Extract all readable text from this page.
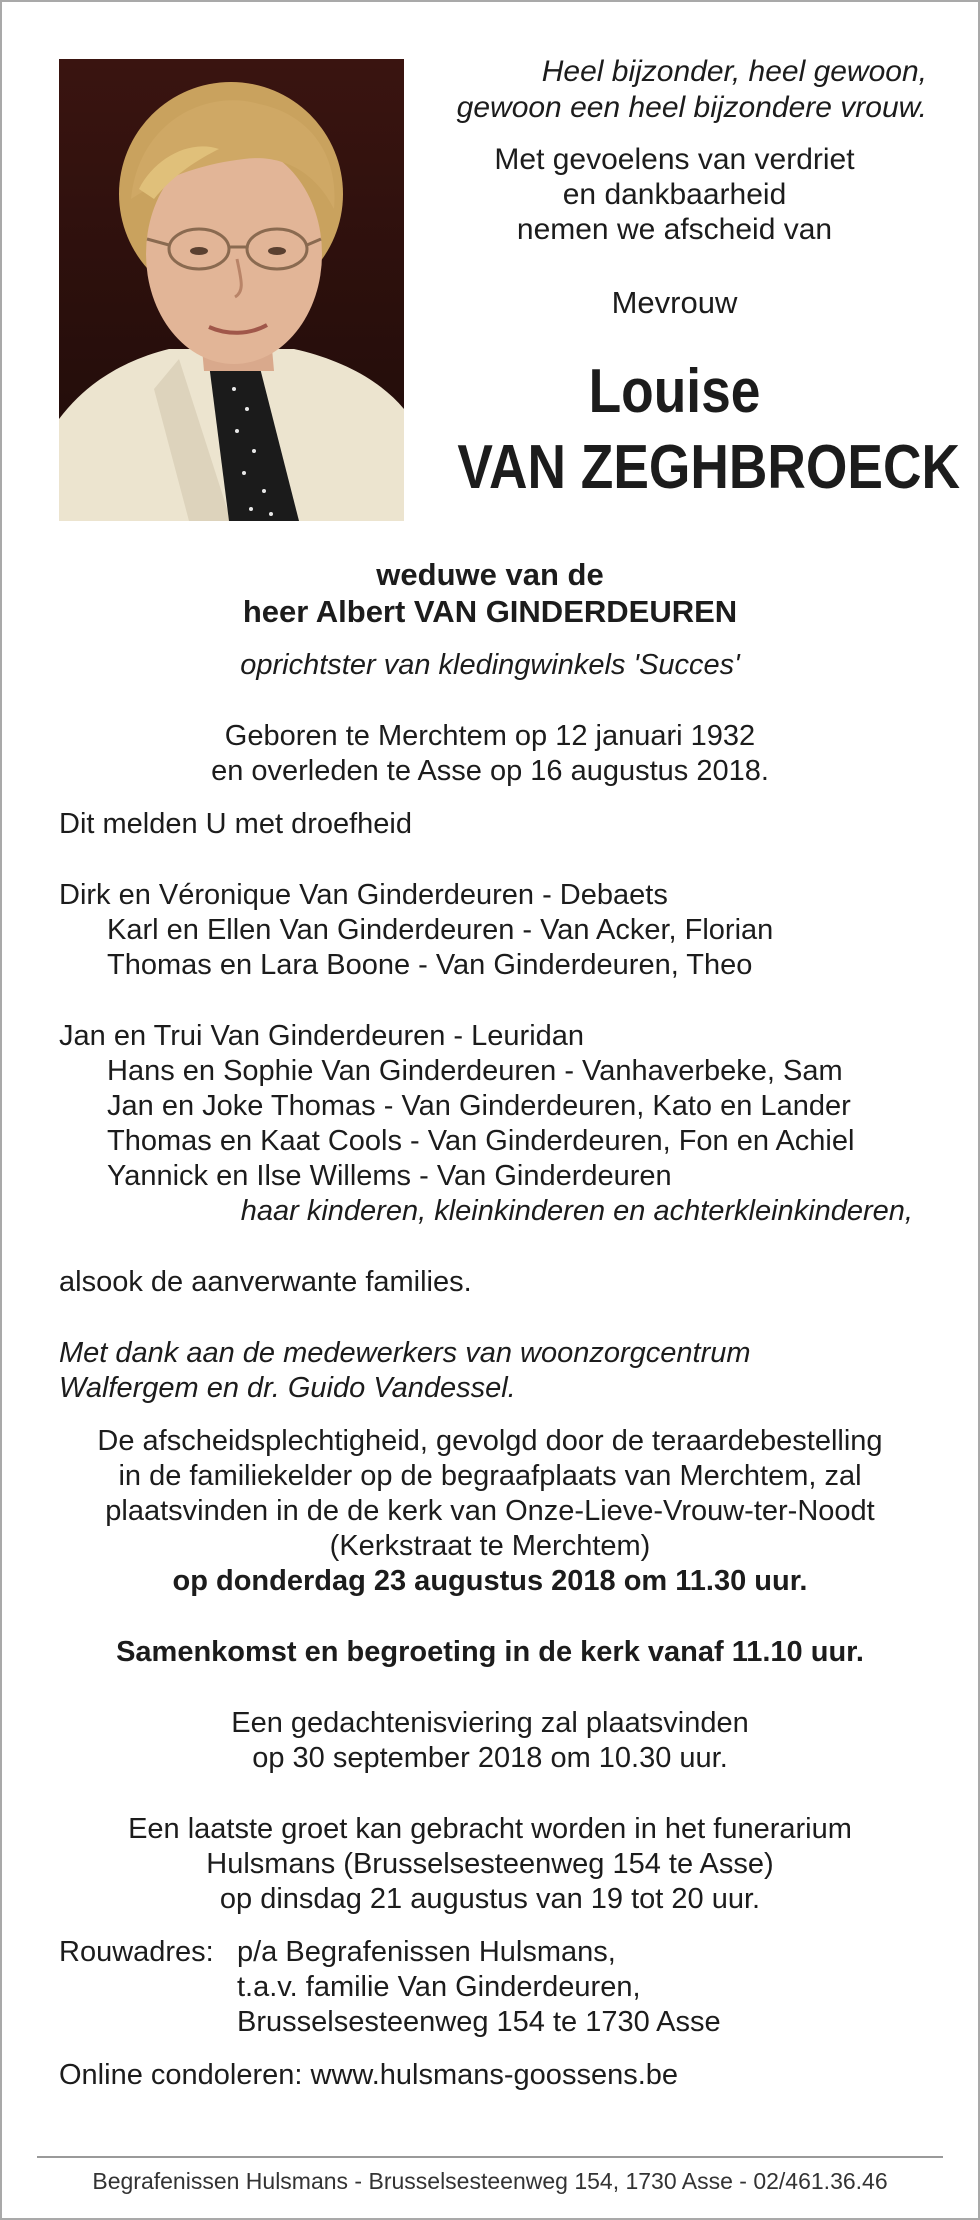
Heel bijzonder, heel gewoon,
gewoon een heel bijzondere vrouw.
Met gevoelens van verdriet
en dankbaarheid
nemen we afscheid van
Mevrouw
Louise
VAN ZEGHBROECK
weduwe van de
heer Albert VAN GINDERDEUREN
oprichtster van kledingwinkels 'Succes'
Geboren te Merchtem op 12 januari 1932
en overleden te Asse op 16 augustus 2018.
Dit melden U met droefheid
Dirk en Véronique Van Ginderdeuren - Debaets
Karl en Ellen Van Ginderdeuren - Van Acker, Florian
Thomas en Lara Boone - Van Ginderdeuren, Theo
Jan en Trui Van Ginderdeuren - Leuridan
Hans en Sophie Van Ginderdeuren - Vanhaverbeke, Sam
Jan en Joke Thomas - Van Ginderdeuren, Kato en Lander
Thomas en Kaat Cools - Van Ginderdeuren, Fon en Achiel
Yannick en Ilse Willems - Van Ginderdeuren
haar kinderen, kleinkinderen en achterkleinkinderen,
alsook de aanverwante families.
Met dank aan de medewerkers van woonzorgcentrum
Walfergem en dr. Guido Vandessel.
De afscheidsplechtigheid, gevolgd door de teraardebestelling
in de familiekelder op de begraafplaats van Merchtem, zal
plaatsvinden in de de kerk van Onze-Lieve-Vrouw-ter-Noodt
(Kerkstraat te Merchtem)
op donderdag 23 augustus 2018 om 11.30 uur.
Samenkomst en begroeting in de kerk vanaf 11.10 uur.
Een gedachtenisviering zal plaatsvinden
op 30 september 2018 om 10.30 uur.
Een laatste groet kan gebracht worden in het funerarium
Hulsmans (Brusselsesteenweg 154 te Asse)
op dinsdag 21 augustus van 19 tot 20 uur.
Rouwadres: p/a Begrafenissen Hulsmans,
t.a.v. familie Van Ginderdeuren,
Brusselsesteenweg 154 te 1730 Asse
Online condoleren: www.hulsmans-goossens.be
Begrafenissen Hulsmans - Brusselsesteenweg 154, 1730 Asse - 02/461.36.46
